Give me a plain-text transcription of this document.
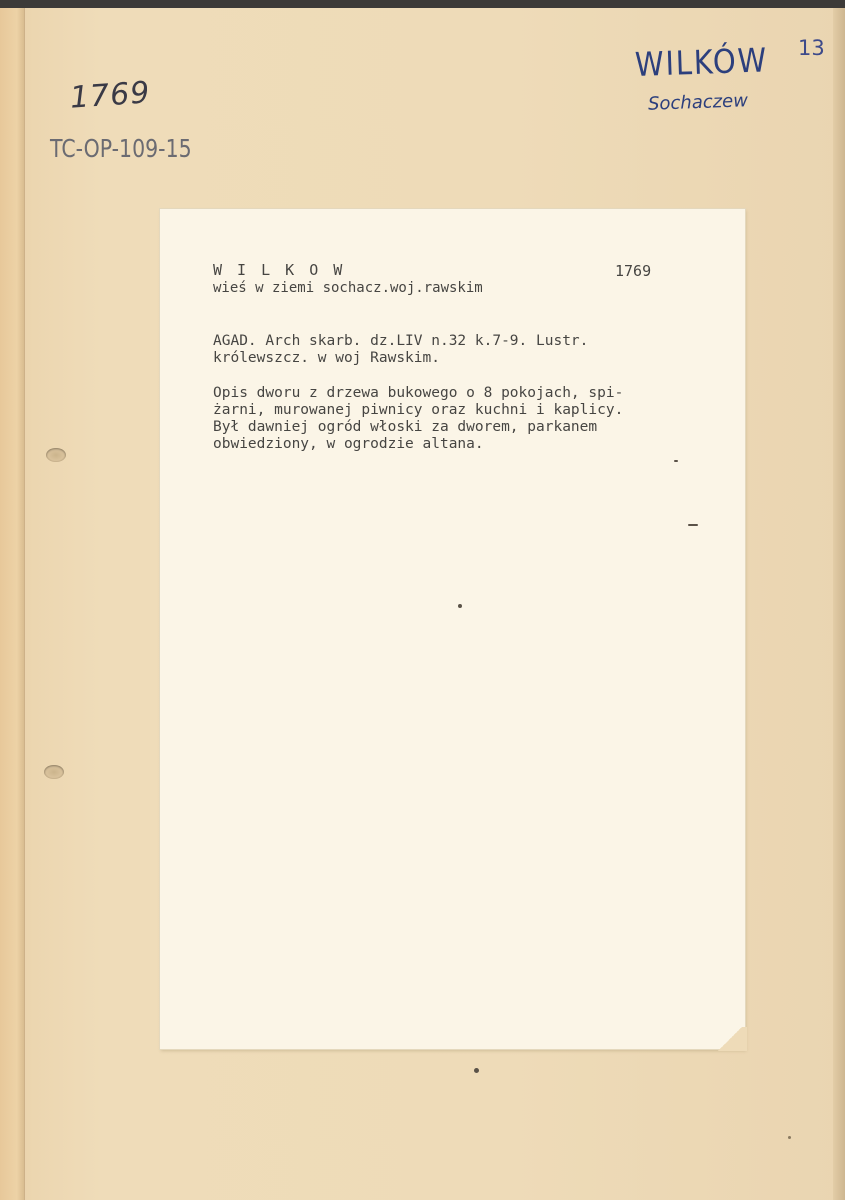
1769
TC-OP-109-15
WILKÓW
Sochaczew
13
W I L K O W	1769
wieś w ziemi sochacz.woj.rawskim
AGAD. Arch skarb. dz.LIV n.32 k.7-9. Lustr.
królewszcz. w woj Rawskim.
Opis dworu z drzewa bukowego o 8 pokojach, spi-
żarni, murowanej piwnicy oraz kuchni i kaplicy.
Był dawniej ogród włoski za dworem, parkanem
obwiedziony, w ogrodzie altana.
